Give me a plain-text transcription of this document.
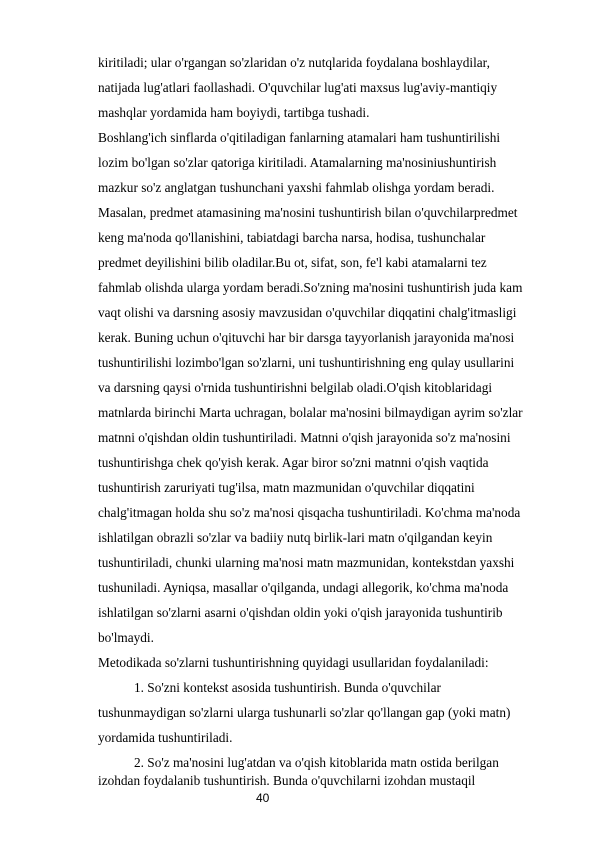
kiritiladi; ular o'rgangan so'zlaridan o'z nutqlarida foydalana boshlaydilar,
natijada lug'atlari faollashadi. O'quvchilar lug'ati maxsus lug'aviy-mantiqiy
mashqlar yordamida ham boyiydi, tartibga tushadi.
Boshlang'ich sinflarda o'qitiladigan fanlarning atamalari ham tushuntirilishi
lozim bo'lgan so'zlar qatoriga kiritiladi. Atamalarning ma'nosiniushuntirish
mazkur so'z anglatgan tushunchani yaxshi fahmlab olishga yordam beradi.
Masalan, predmet atamasining ma'nosini tushuntirish bilan o'quvchilarpredmet
keng ma'noda qo'llanishini, tabiatdagi barcha narsa, hodisa, tushunchalar
predmet deyilishini bilib oladilar.Bu ot, sifat, son, fe'l kabi atamalarni tez
fahmlab olishda ularga yordam beradi.So'zning ma'nosini tushuntirish juda kam
vaqt olishi va darsning asosiy mavzusidan o'quvchilar diqqatini chalg'itmasligi
kerak. Buning uchun o'qituvchi har bir darsga tayyorlanish jarayonida ma'nosi
tushuntirilishi lozimbo'lgan so'zlarni, uni tushuntirishning eng qulay usullarini
va darsning qaysi o'rnida tushuntirishni belgilab oladi.O'qish kitoblaridagi
matnlarda birinchi Marta uchragan, bolalar ma'nosini bilmaydigan ayrim so'zlar
matnni o'qishdan oldin tushuntiriladi. Matnni o'qish jarayonida so'z ma'nosini
tushuntirishga chek qo'yish kerak. Agar biror so'zni matnni o'qish vaqtida
tushuntirish zaruriyati tug'ilsa, matn mazmunidan o'quvchilar diqqatini
chalg'itmagan holda shu so'z ma'nosi qisqacha tushuntiriladi. Ko'chma ma'noda
ishlatilgan obrazli so'zlar va badiiy nutq birlik-lari matn o'qilgandan keyin
tushuntiriladi, chunki ularning ma'nosi matn mazmunidan, kontekstdan yaxshi
tushuniladi. Ayniqsa, masallar o'qilganda, undagi allegorik, ko'chma ma'noda
ishlatilgan so'zlarni asarni o'qishdan oldin yoki o'qish jarayonida tushuntirib
bo'lmaydi.
Metodikada so'zlarni tushuntirishning quyidagi usullaridan foydalaniladi:
1. So'zni kontekst asosida tushuntirish. Bunda o'quvchilar
tushunmaydigan so'zlarni ularga tushunarli so'zlar qo'llangan gap (yoki matn)
yordamida tushuntiriladi.
2. So'z ma'nosini lug'atdan va o'qish kitoblarida matn ostida berilgan
izohdan foydalanib tushuntirish. Bunda o'quvchilarni izohdan mustaqil
40
